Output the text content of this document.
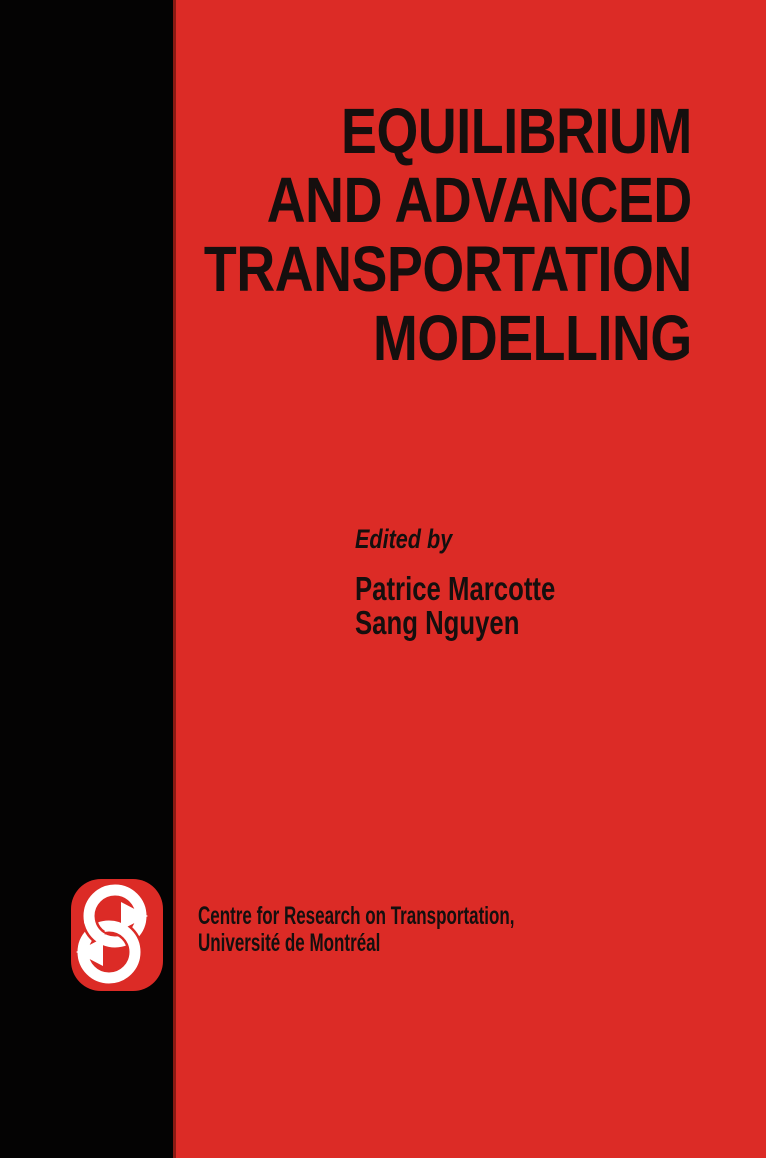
EQUILIBRIUM
AND ADVANCED
TRANSPORTATION
MODELLING
Edited by
Patrice Marcotte
Sang Nguyen
Centre for Research on Transportation,
Université de Montréal
